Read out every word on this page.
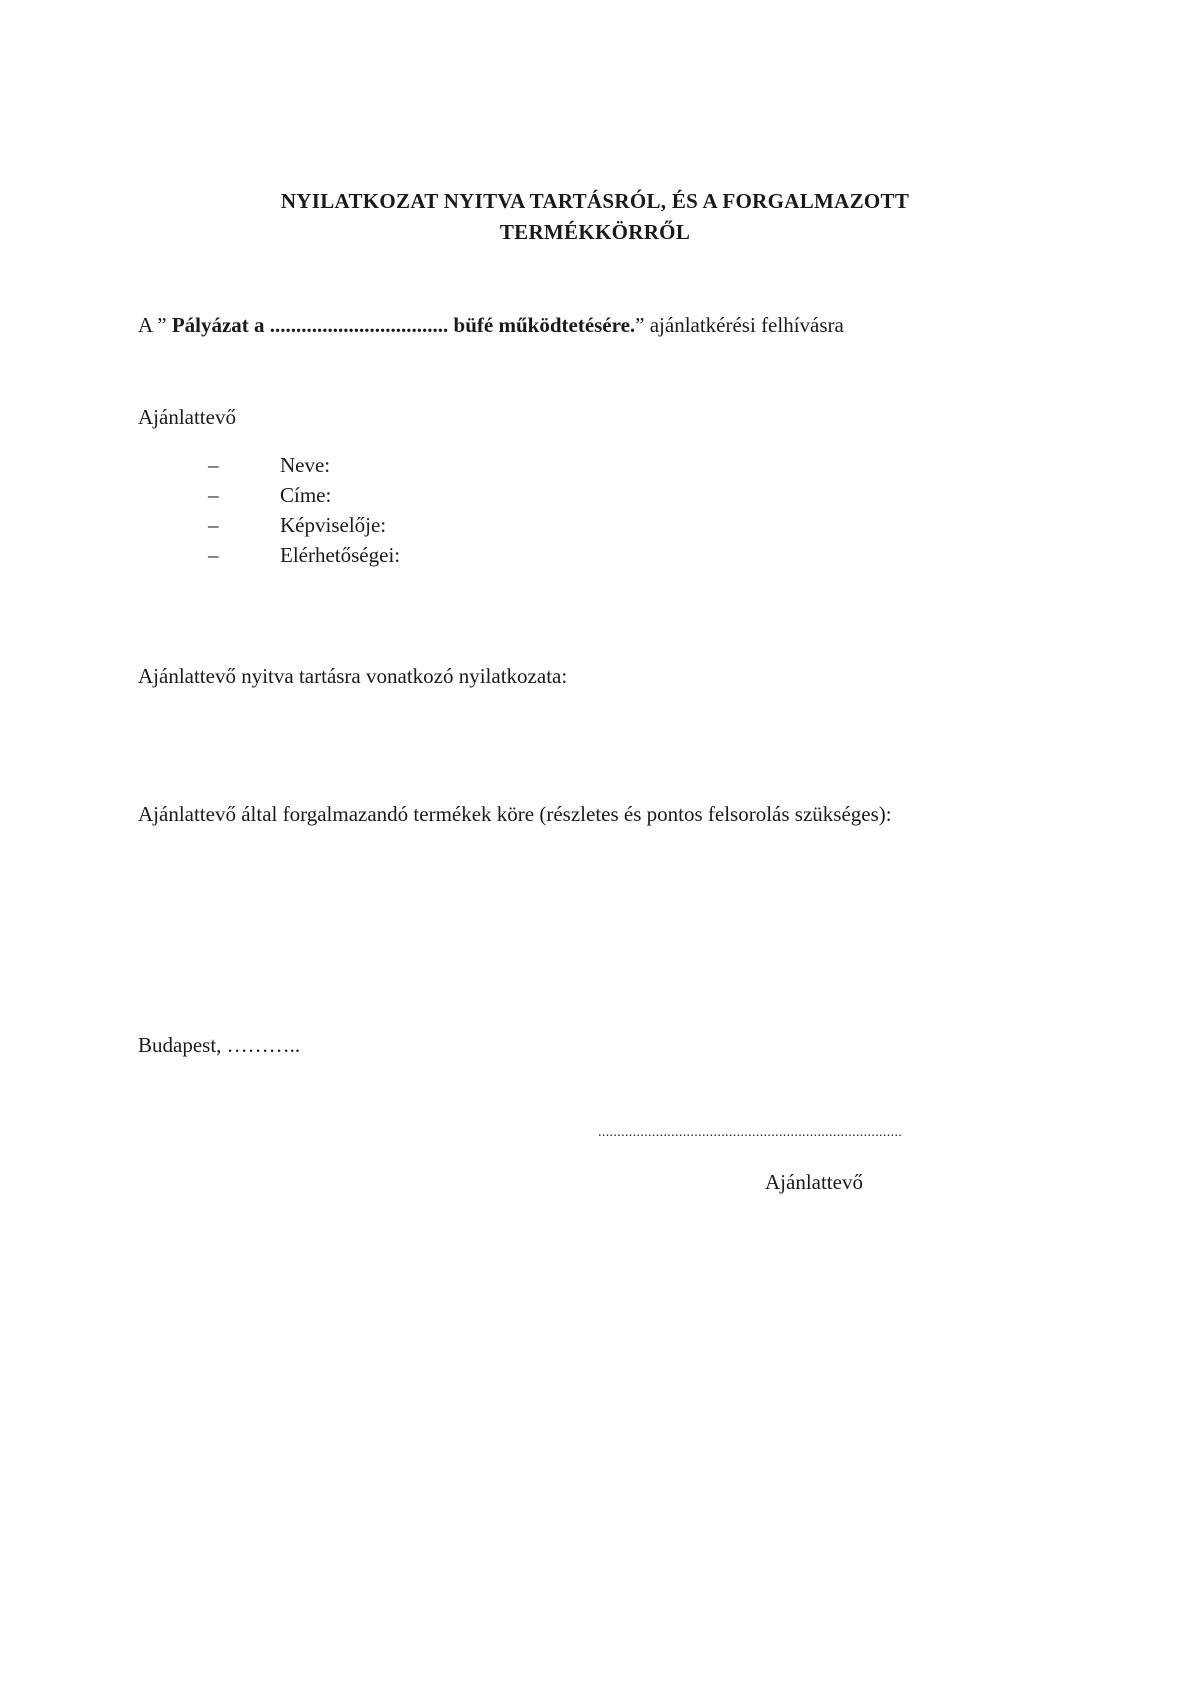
NYILATKOZAT NYITVA TARTÁSRÓL, ÉS A FORGALMAZOTT
TERMÉKKÖRRŐL
A ” Pályázat a .................................. büfé működtetésére.” ajánlatkérési felhívásra
Ajánlattevő
–	Neve:
–	Címe:
–	Képviselője:
–	Elérhetőségei:
Ajánlattevő nyitva tartásra vonatkozó nyilatkozata:
Ajánlattevő által forgalmazandó termékek köre (részletes és pontos felsorolás szükséges):
Budapest, ………..
...............................................................................
Ajánlattevő
